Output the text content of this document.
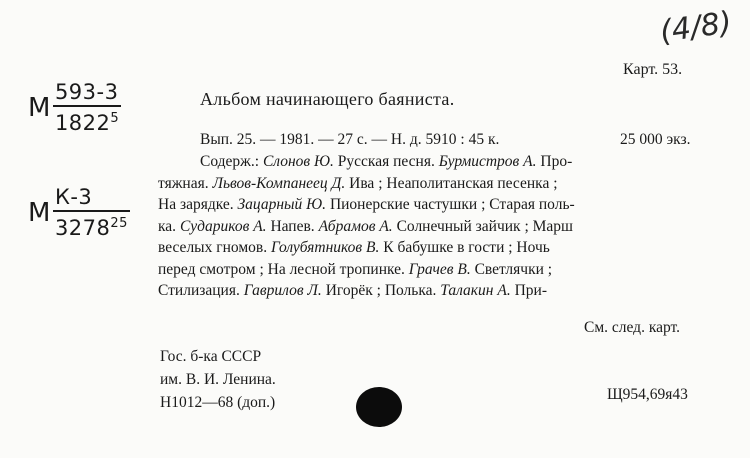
(4/8)
Карт. 53.
М $\frac{593-3}{1822^5}$
М $\frac{К-3}{3278^{25}}$
Альбом начинающего баяниста.
Вып. 25. — 1981. — 27 с. — Н. д. 5910 : 45 к.	25 000 экз.
Содерж.: Слонов Ю. Русская песня. Бурмистров А. Про-
тяжная. Львов-Компанеец Д. Ива ; Неаполитанская песенка ;
На зарядке. Зацарный Ю. Пионерские частушки ; Старая поль-
ка. Судариков А. Напев. Абрамов А. Солнечный зайчик ; Марш
веселых гномов. Голубятников В. К бабушке в гости ; Ночь
перед смотром ; На лесной тропинке. Грачев В. Светлячки ;
Стилизация. Гаврилов Л. Игорёк ; Полька. Талакин А. При-
См. след. карт.
Гос. б-ка СССР
им. В. И. Ленина.
Н1012—68 (доп.)	Щ954,69я43
